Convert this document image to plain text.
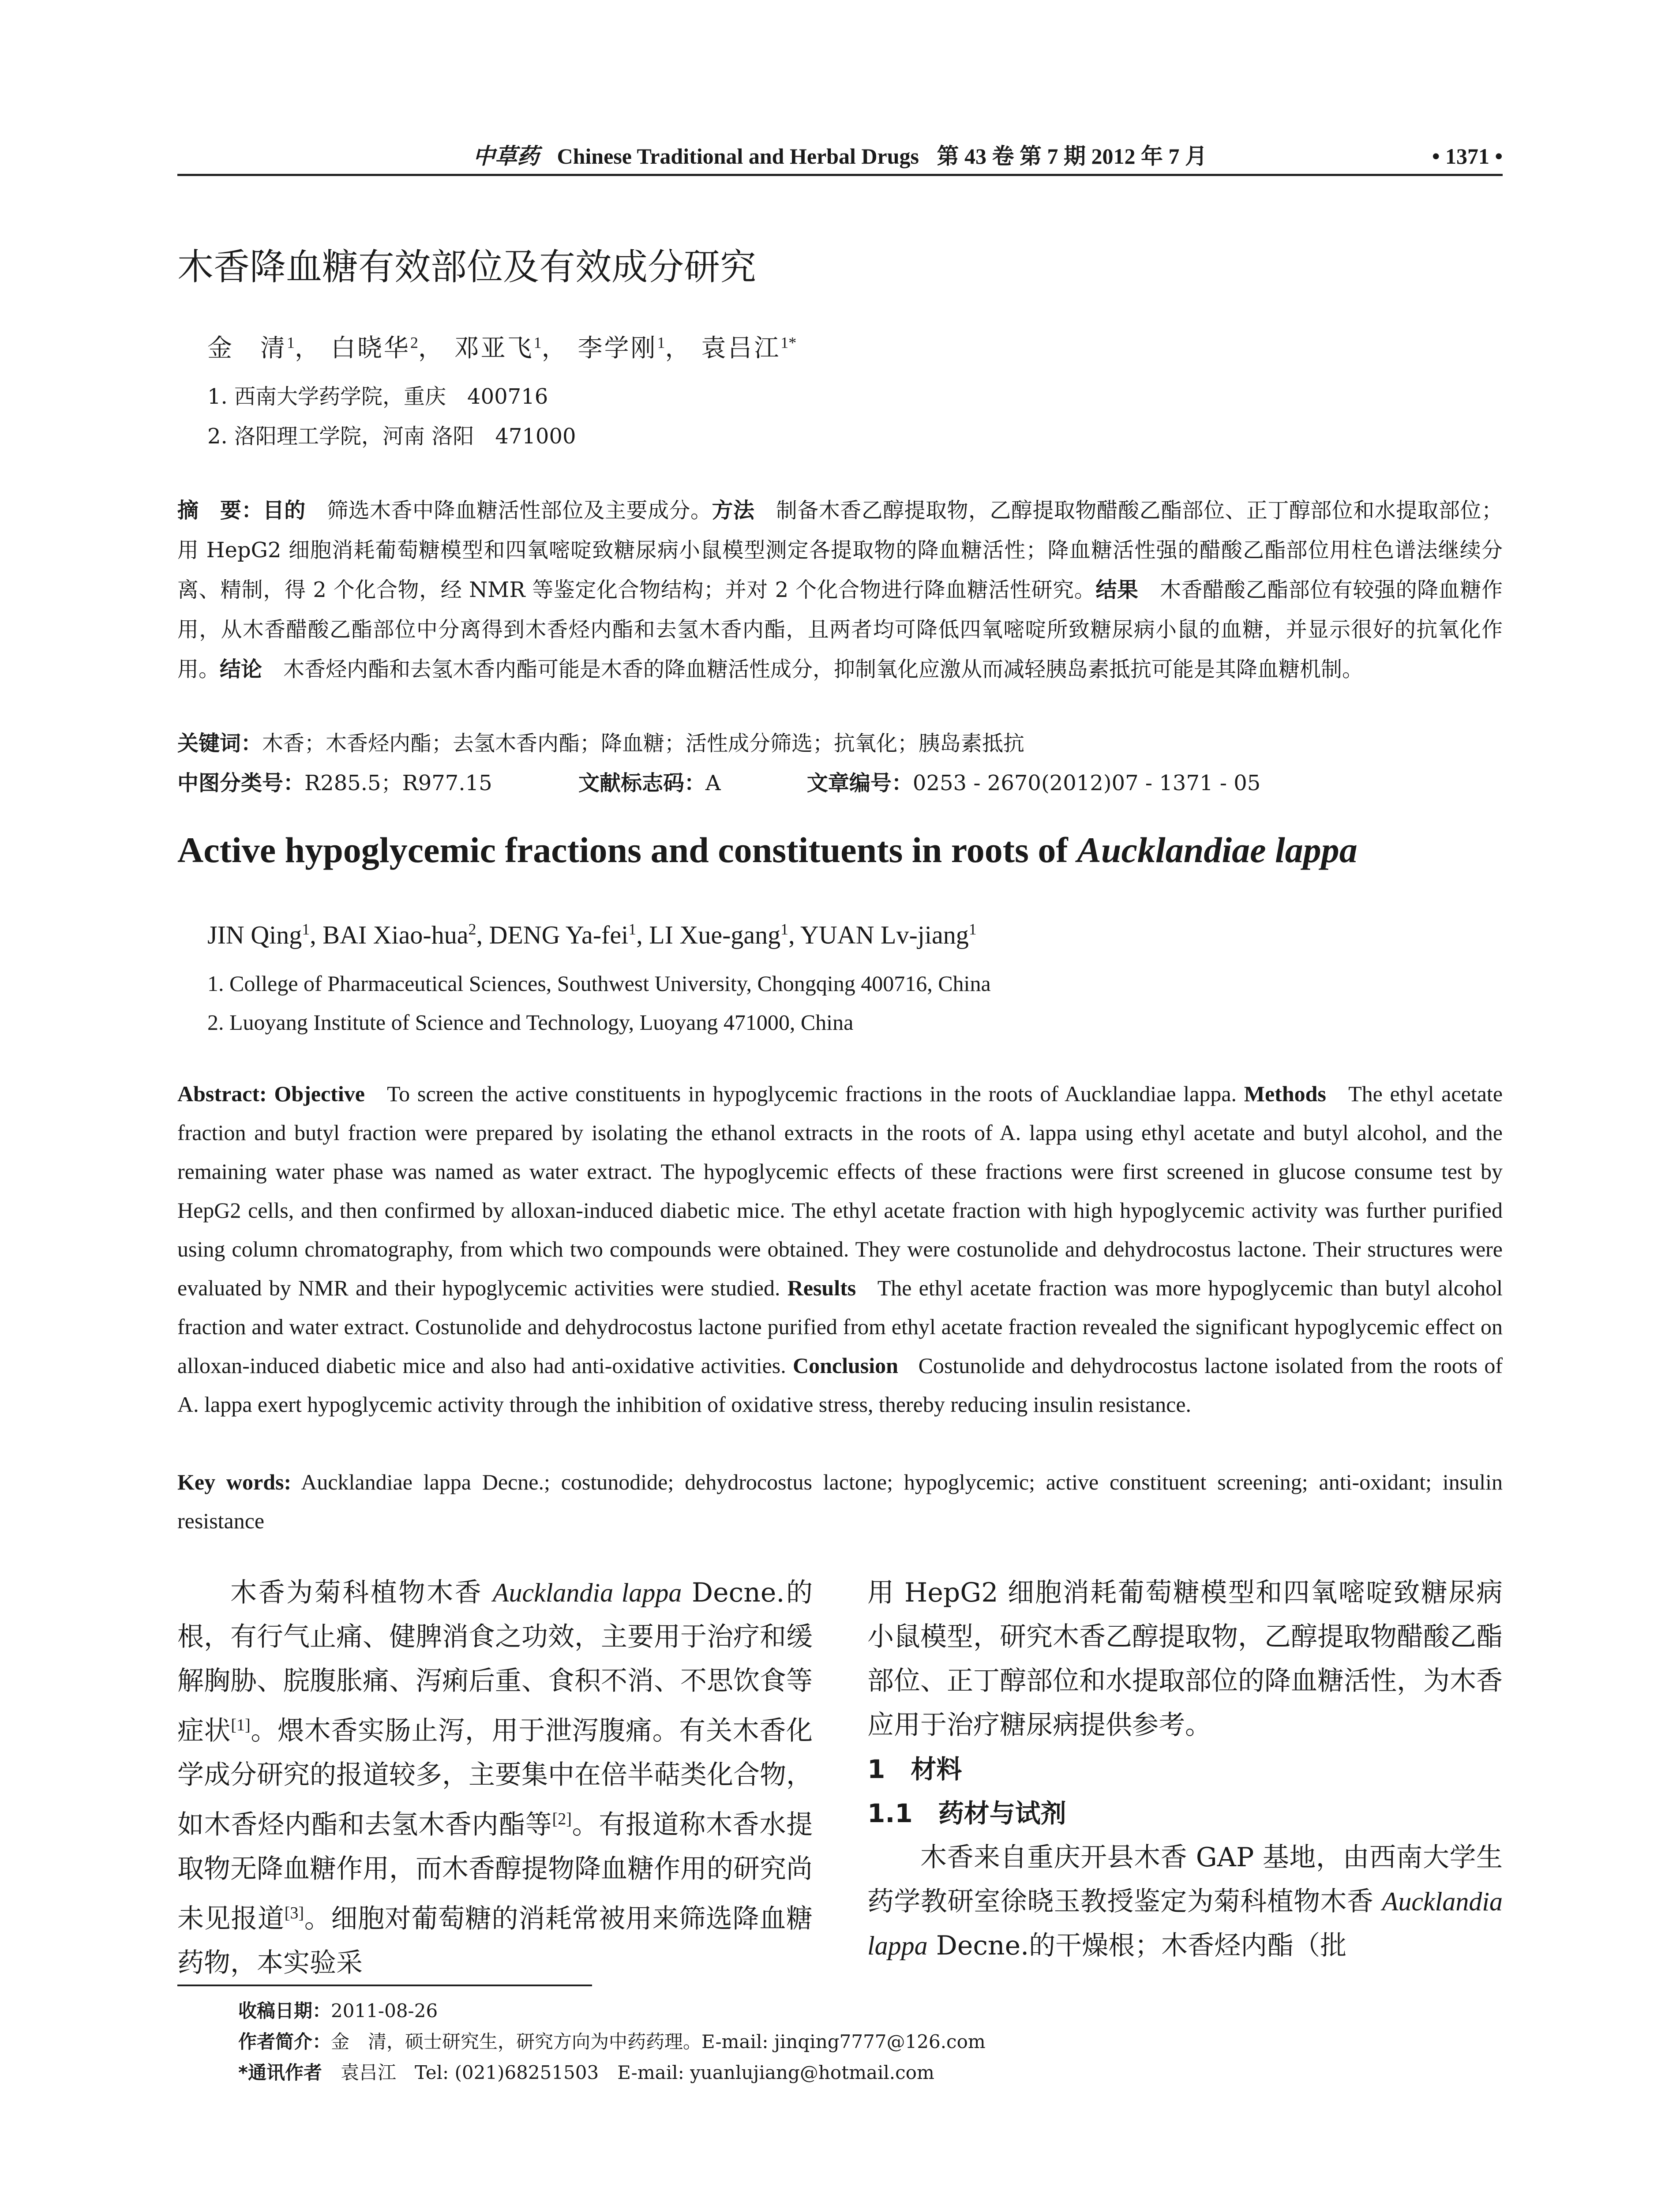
中草药 Chinese Traditional and Herbal Drugs 第 43 卷 第 7 期 2012 年 7 月	• 1371 •
木香降血糖有效部位及有效成分研究
金　清$^1$， 白晓华$^2$， 邓亚飞$^1$， 李学刚$^1$， 袁吕江$^{1*}$
1. 西南大学药学院，重庆　400716
2. 洛阳理工学院，河南 洛阳　471000
摘　要：目的　 筛选木香中降血糖活性部位及主要成分。方法　 制备木香乙醇提取物，乙醇提取物醋酸乙酯部位、正丁醇部位和水提取部位；用 HepG2 细胞消耗葡萄糖模型和四氧嘧啶致糖尿病小鼠模型测定各提取物的降血糖活性；降血糖活性强的醋酸乙酯部位用柱色谱法继续分离、精制，得 2 个化合物，经 NMR 等鉴定化合物结构；并对 2 个化合物进行降血糖活性研究。结果　 木香醋酸乙酯部位有较强的降血糖作用，从木香醋酸乙酯部位中分离得到木香烃内酯和去氢木香内酯，且两者均可降低四氧嘧啶所致糖尿病小鼠的血糖，并显示很好的抗氧化作用。结论　 木香烃内酯和去氢木香内酯可能是木香的降血糖活性成分，抑制氧化应激从而减轻胰岛素抵抗可能是其降血糖机制。
关键词：木香；木香烃内酯；去氢木香内酯；降血糖；活性成分筛选；抗氧化；胰岛素抵抗
中图分类号：R285.5；R977.15	文献标志码：A	文章编号：0253 - 2670(2012)07 - 1371 - 05
Active hypoglycemic fractions and constituents in roots of Aucklandiae lappa
JIN Qing$^1$, BAI Xiao-hua$^2$, DENG Ya-fei$^1$, LI Xue-gang$^1$, YUAN Lv-jiang$^1$
1. College of Pharmaceutical Sciences, Southwest University, Chongqing 400716, China
2. Luoyang Institute of Science and Technology, Luoyang 471000, China
Abstract: Objective To screen the active constituents in hypoglycemic fractions in the roots of Aucklandiae lappa. Methods The ethyl acetate fraction and butyl fraction were prepared by isolating the ethanol extracts in the roots of A. lappa using ethyl acetate and butyl alcohol, and the remaining water phase was named as water extract. The hypoglycemic effects of these fractions were first screened in glucose consume test by HepG2 cells, and then confirmed by alloxan-induced diabetic mice. The ethyl acetate fraction with high hypoglycemic activity was further purified using column chromatography, from which two compounds were obtained. They were costunolide and dehydrocostus lactone. Their structures were evaluated by NMR and their hypoglycemic activities were studied. Results The ethyl acetate fraction was more hypoglycemic than butyl alcohol fraction and water extract. Costunolide and dehydrocostus lactone purified from ethyl acetate fraction revealed the significant hypoglycemic effect on alloxan-induced diabetic mice and also had anti-oxidative activities. Conclusion Costunolide and dehydrocostus lactone isolated from the roots of A. lappa exert hypoglycemic activity through the inhibition of oxidative stress, thereby reducing insulin resistance.
Key words: Aucklandiae lappa Decne.; costunodide; dehydrocostus lactone; hypoglycemic; active constituent screening; anti-oxidant; insulin resistance

木香为菊科植物木香 Aucklandia lappa Decne.的根，有行气止痛、健脾消食之功效，主要用于治疗和缓解胸胁、脘腹胀痛、泻痢后重、食积不消、不思饮食等症状[1]。煨木香实肠止泻，用于泄泻腹痛。有关木香化学成分研究的报道较多，主要集中在倍半萜类化合物，如木香烃内酯和去氢木香内酯等[2]。有报道称木香水提取物无降血糖作用，而木香醇提物降血糖作用的研究尚未见报道[3]。细胞对葡萄糖的消耗常被用来筛选降血糖药物，本实验采

用 HepG2 细胞消耗葡萄糖模型和四氧嘧啶致糖尿病小鼠模型，研究木香乙醇提取物，乙醇提取物醋酸乙酯部位、正丁醇部位和水提取部位的降血糖活性，为木香应用于治疗糖尿病提供参考。

1　材料

1.1　药材与试剂

木香来自重庆开县木香 GAP 基地，由西南大学生药学教研室徐晓玉教授鉴定为菊科植物木香 Aucklandia lappa Decne.的干燥根；木香烃内酯（批

收稿日期：2011-08-26
作者简介：金　清，硕士研究生，研究方向为中药药理。E-mail: jinqing7777@126.com
*通讯作者　袁吕江　Tel: (021)68251503　E-mail: yuanlujiang@hotmail.com
